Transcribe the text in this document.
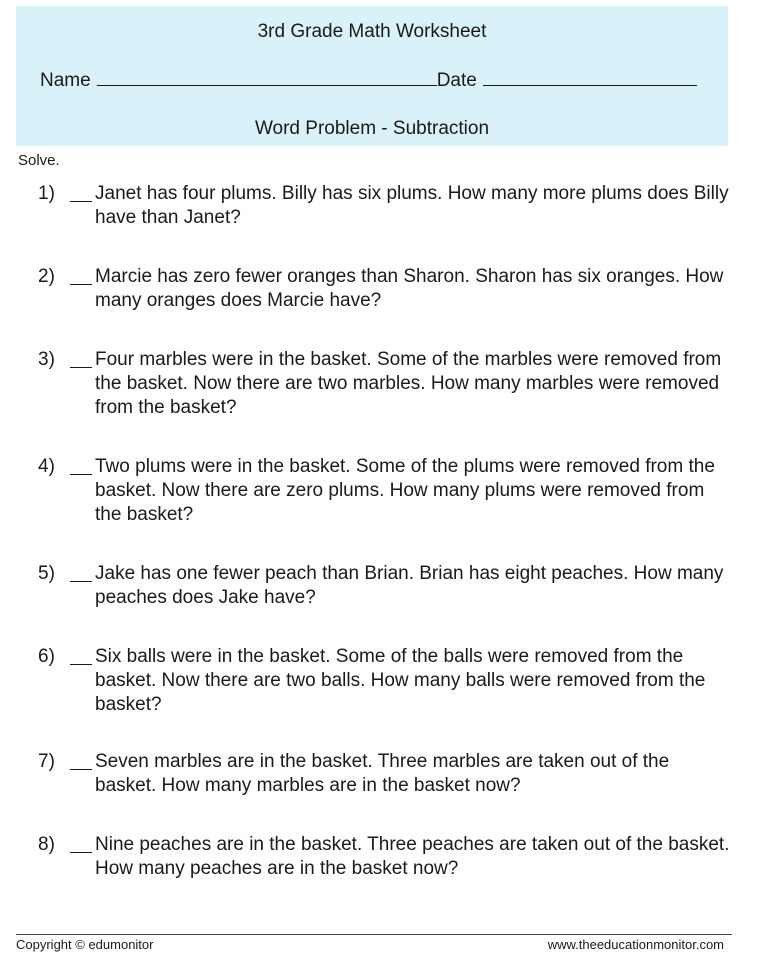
3rd Grade Math Worksheet
Name	Date
Word Problem - Subtraction
Solve.
1) Janet has four plums. Billy has six plums. How many more plums does Billy have than Janet?
2) Marcie has zero fewer oranges than Sharon. Sharon has six oranges. How many oranges does Marcie have?
3) Four marbles were in the basket. Some of the marbles were removed from the basket. Now there are two marbles. How many marbles were removed from the basket?
4) Two plums were in the basket. Some of the plums were removed from the basket. Now there are zero plums. How many plums were removed from the basket?
5) Jake has one fewer peach than Brian. Brian has eight peaches. How many peaches does Jake have?
6) Six balls were in the basket. Some of the balls were removed from the basket. Now there are two balls. How many balls were removed from the basket?
7) Seven marbles are in the basket. Three marbles are taken out of the basket. How many marbles are in the basket now?
8) Nine peaches are in the basket. Three peaches are taken out of the basket. How many peaches are in the basket now?
Copyright © edumonitor	www.theeducationmonitor.com
